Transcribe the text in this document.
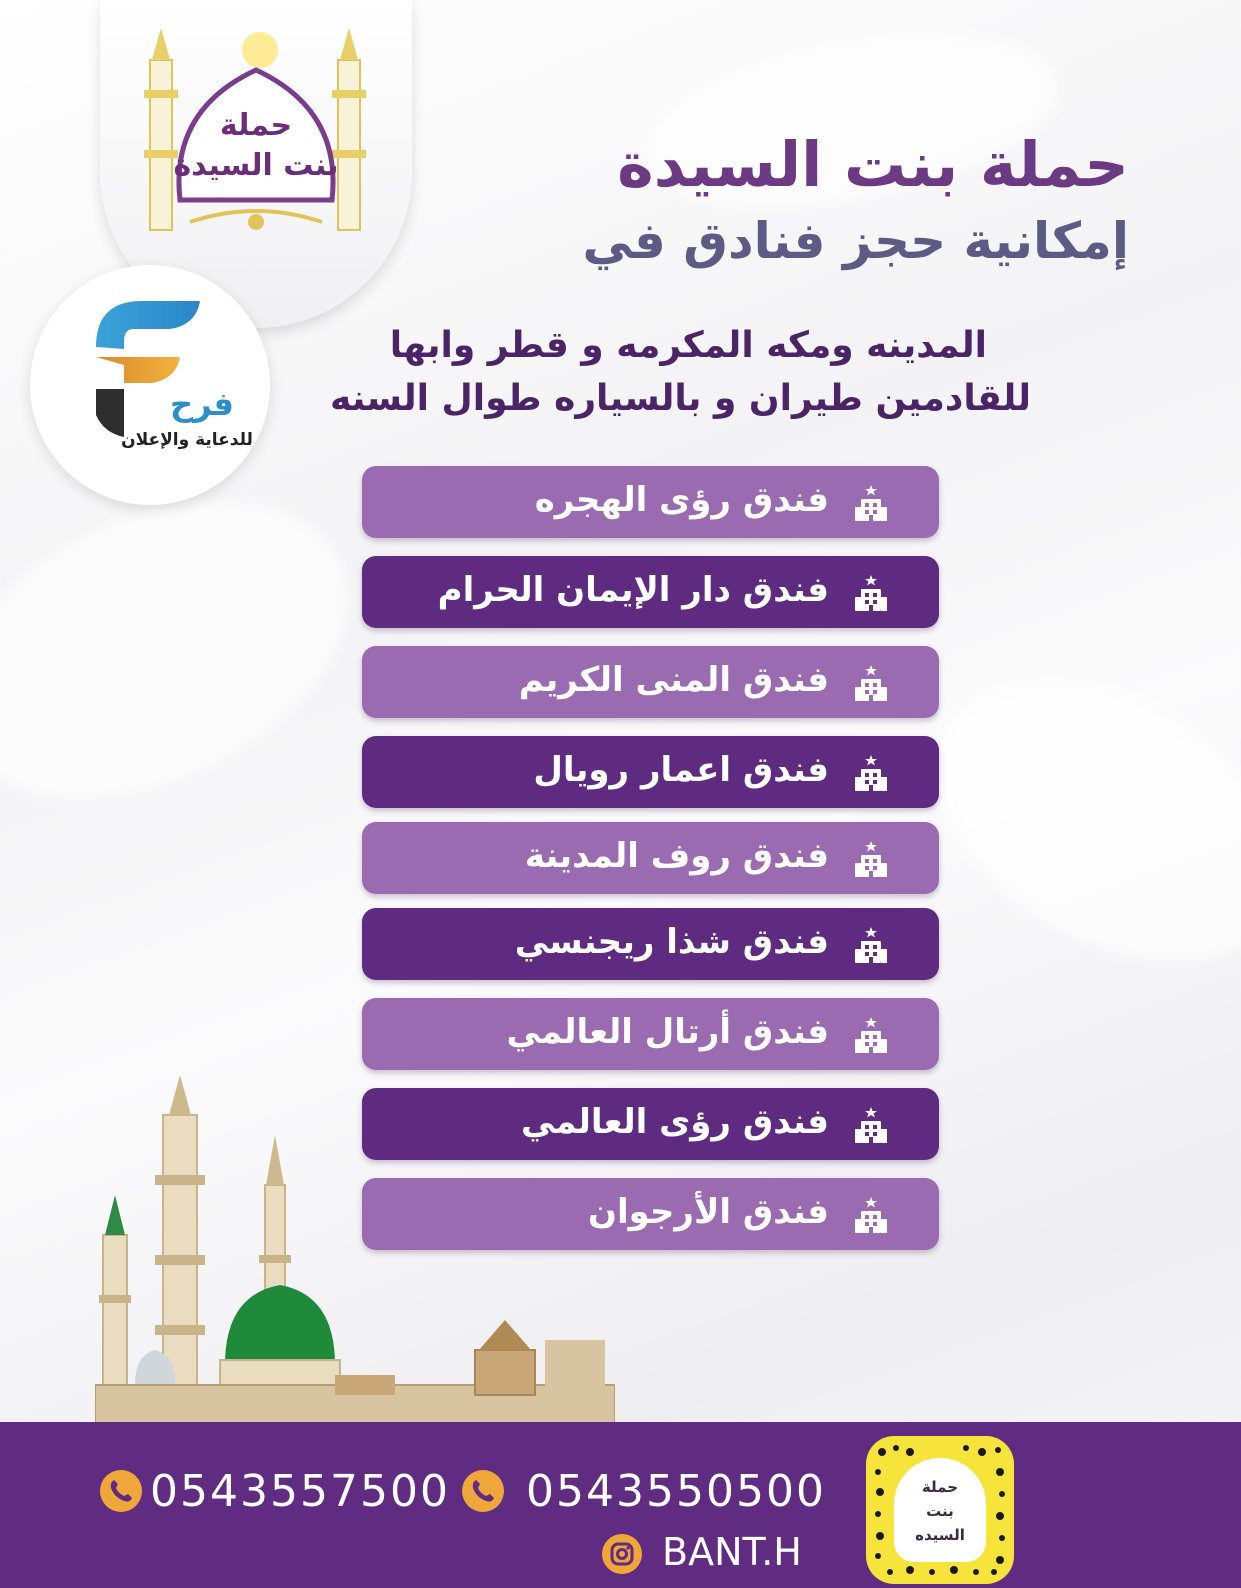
حملة
بنت السيدة
فرح
للدعاية والإعلان
حملة بنت السيدة
إمكانية حجز فنادق في
المدينه ومكه المكرمه و قطر وابها
للقادمين طيران و بالسياره طوال السنه
فندق رؤى الهجره
فندق دار الإيمان الحرام
فندق المنى الكريم
فندق اعمار رويال
فندق روف المدينة
فندق شذا ريجنسي
فندق أرتال العالمي
فندق رؤى العالمي
فندق الأرجوان
0543557500 0543550500
BANT.H
حملة
بنت
السيده
